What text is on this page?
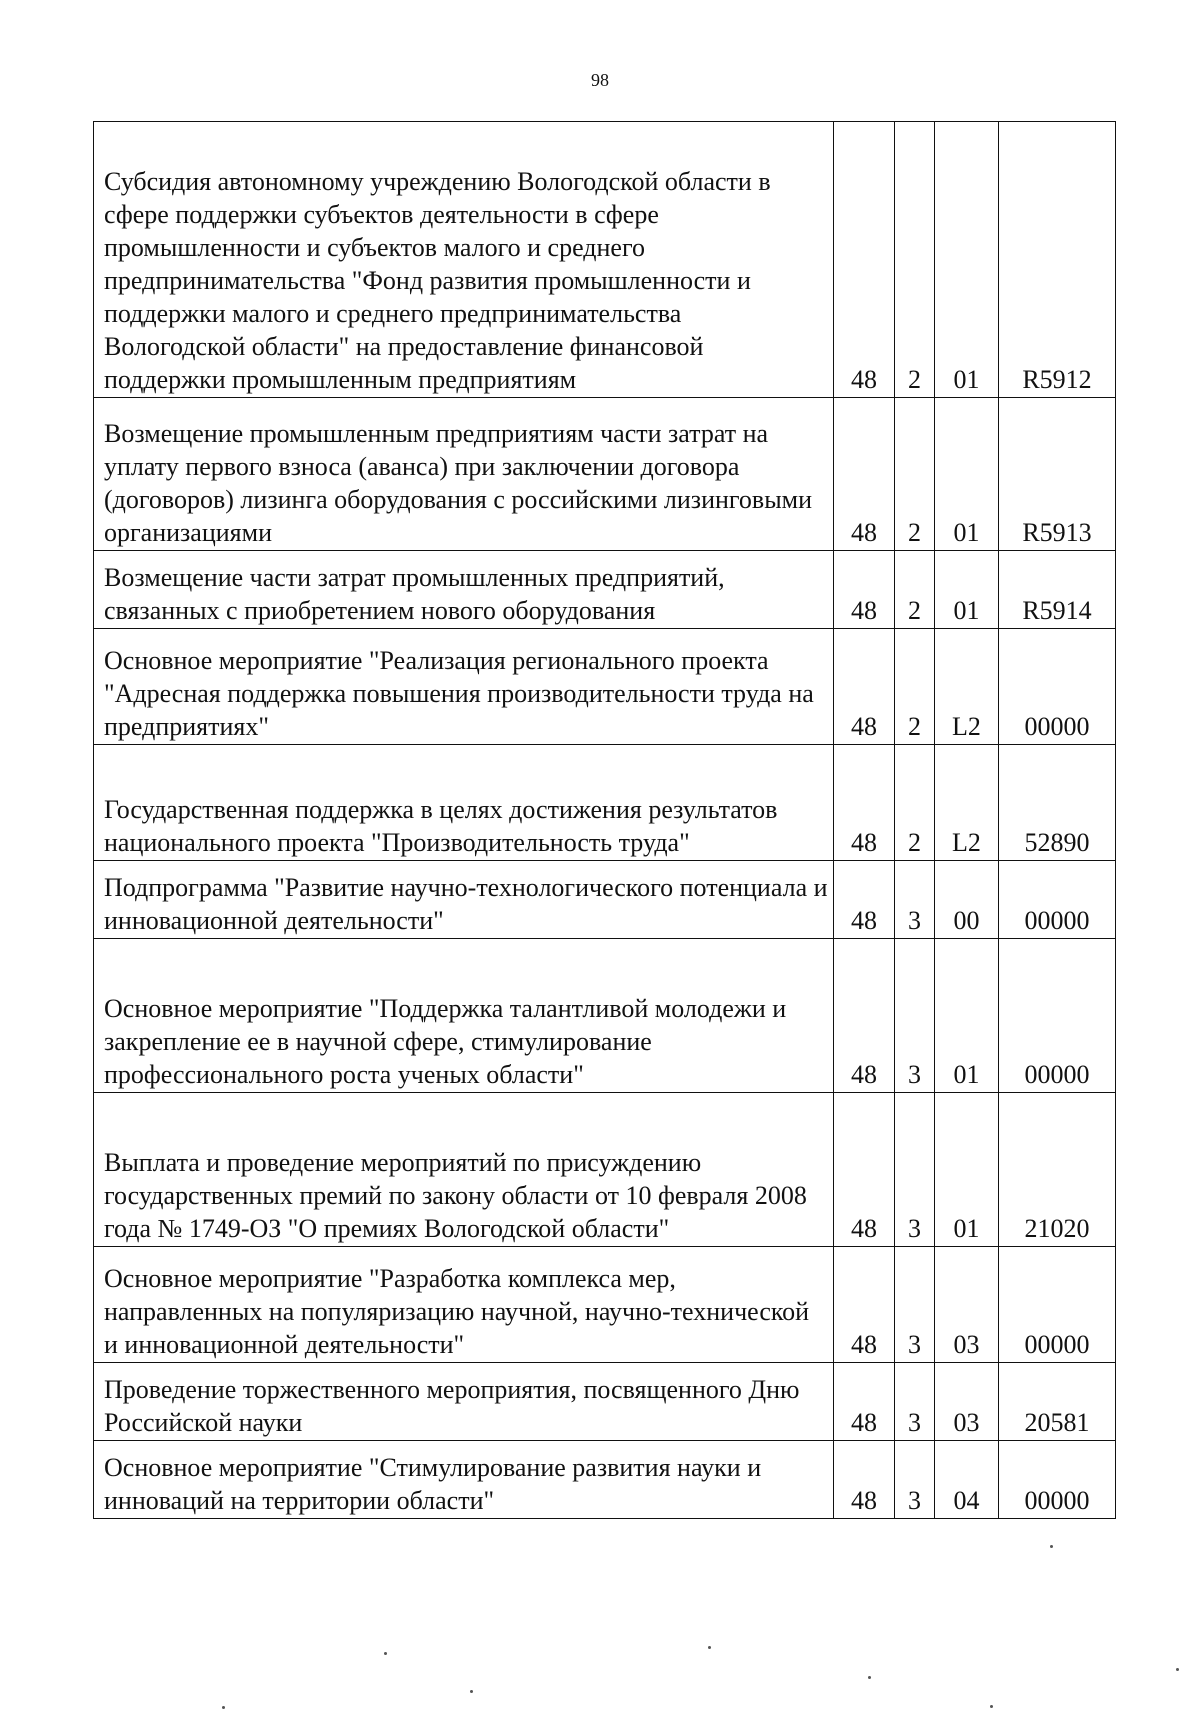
98
Субсидия автономному учреждению Вологодской области в сфере поддержки субъектов деятельности в сфере промышленности и субъектов малого и среднего предпринимательства "Фонд развития промышленности и поддержки малого и среднего предпринимательства Вологодской области" на предоставление финансовой поддержки промышленным предприятиям	48	2	01	R5912
Возмещение промышленным предприятиям части затрат на уплату первого взноса (аванса) при заключении договора (договоров) лизинга оборудования с российскими лизинговыми организациями	48	2	01	R5913
Возмещение части затрат промышленных предприятий, связанных с приобретением нового оборудования	48	2	01	R5914
Основное мероприятие "Реализация регионального проекта "Адресная поддержка повышения производительности труда на предприятиях"	48	2	L2	00000
Государственная поддержка в целях достижения результатов национального проекта "Производительность труда"	48	2	L2	52890
Подпрограмма "Развитие научно-технологического потенциала и инновационной деятельности"	48	3	00	00000
Основное мероприятие "Поддержка талантливой молодежи и закрепление ее в научной сфере, стимулирование профессионального роста ученых области"	48	3	01	00000
Выплата и проведение мероприятий по присуждению государственных премий по закону области от 10 февраля 2008 года № 1749-ОЗ "О премиях Вологодской области"	48	3	01	21020
Основное мероприятие "Разработка комплекса мер, направленных на популяризацию научной, научно-технической и инновационной деятельности"	48	3	03	00000
Проведение торжественного мероприятия, посвященного Дню Российской науки	48	3	03	20581
Основное мероприятие "Стимулирование развития науки и инноваций на территории области"	48	3	04	00000
